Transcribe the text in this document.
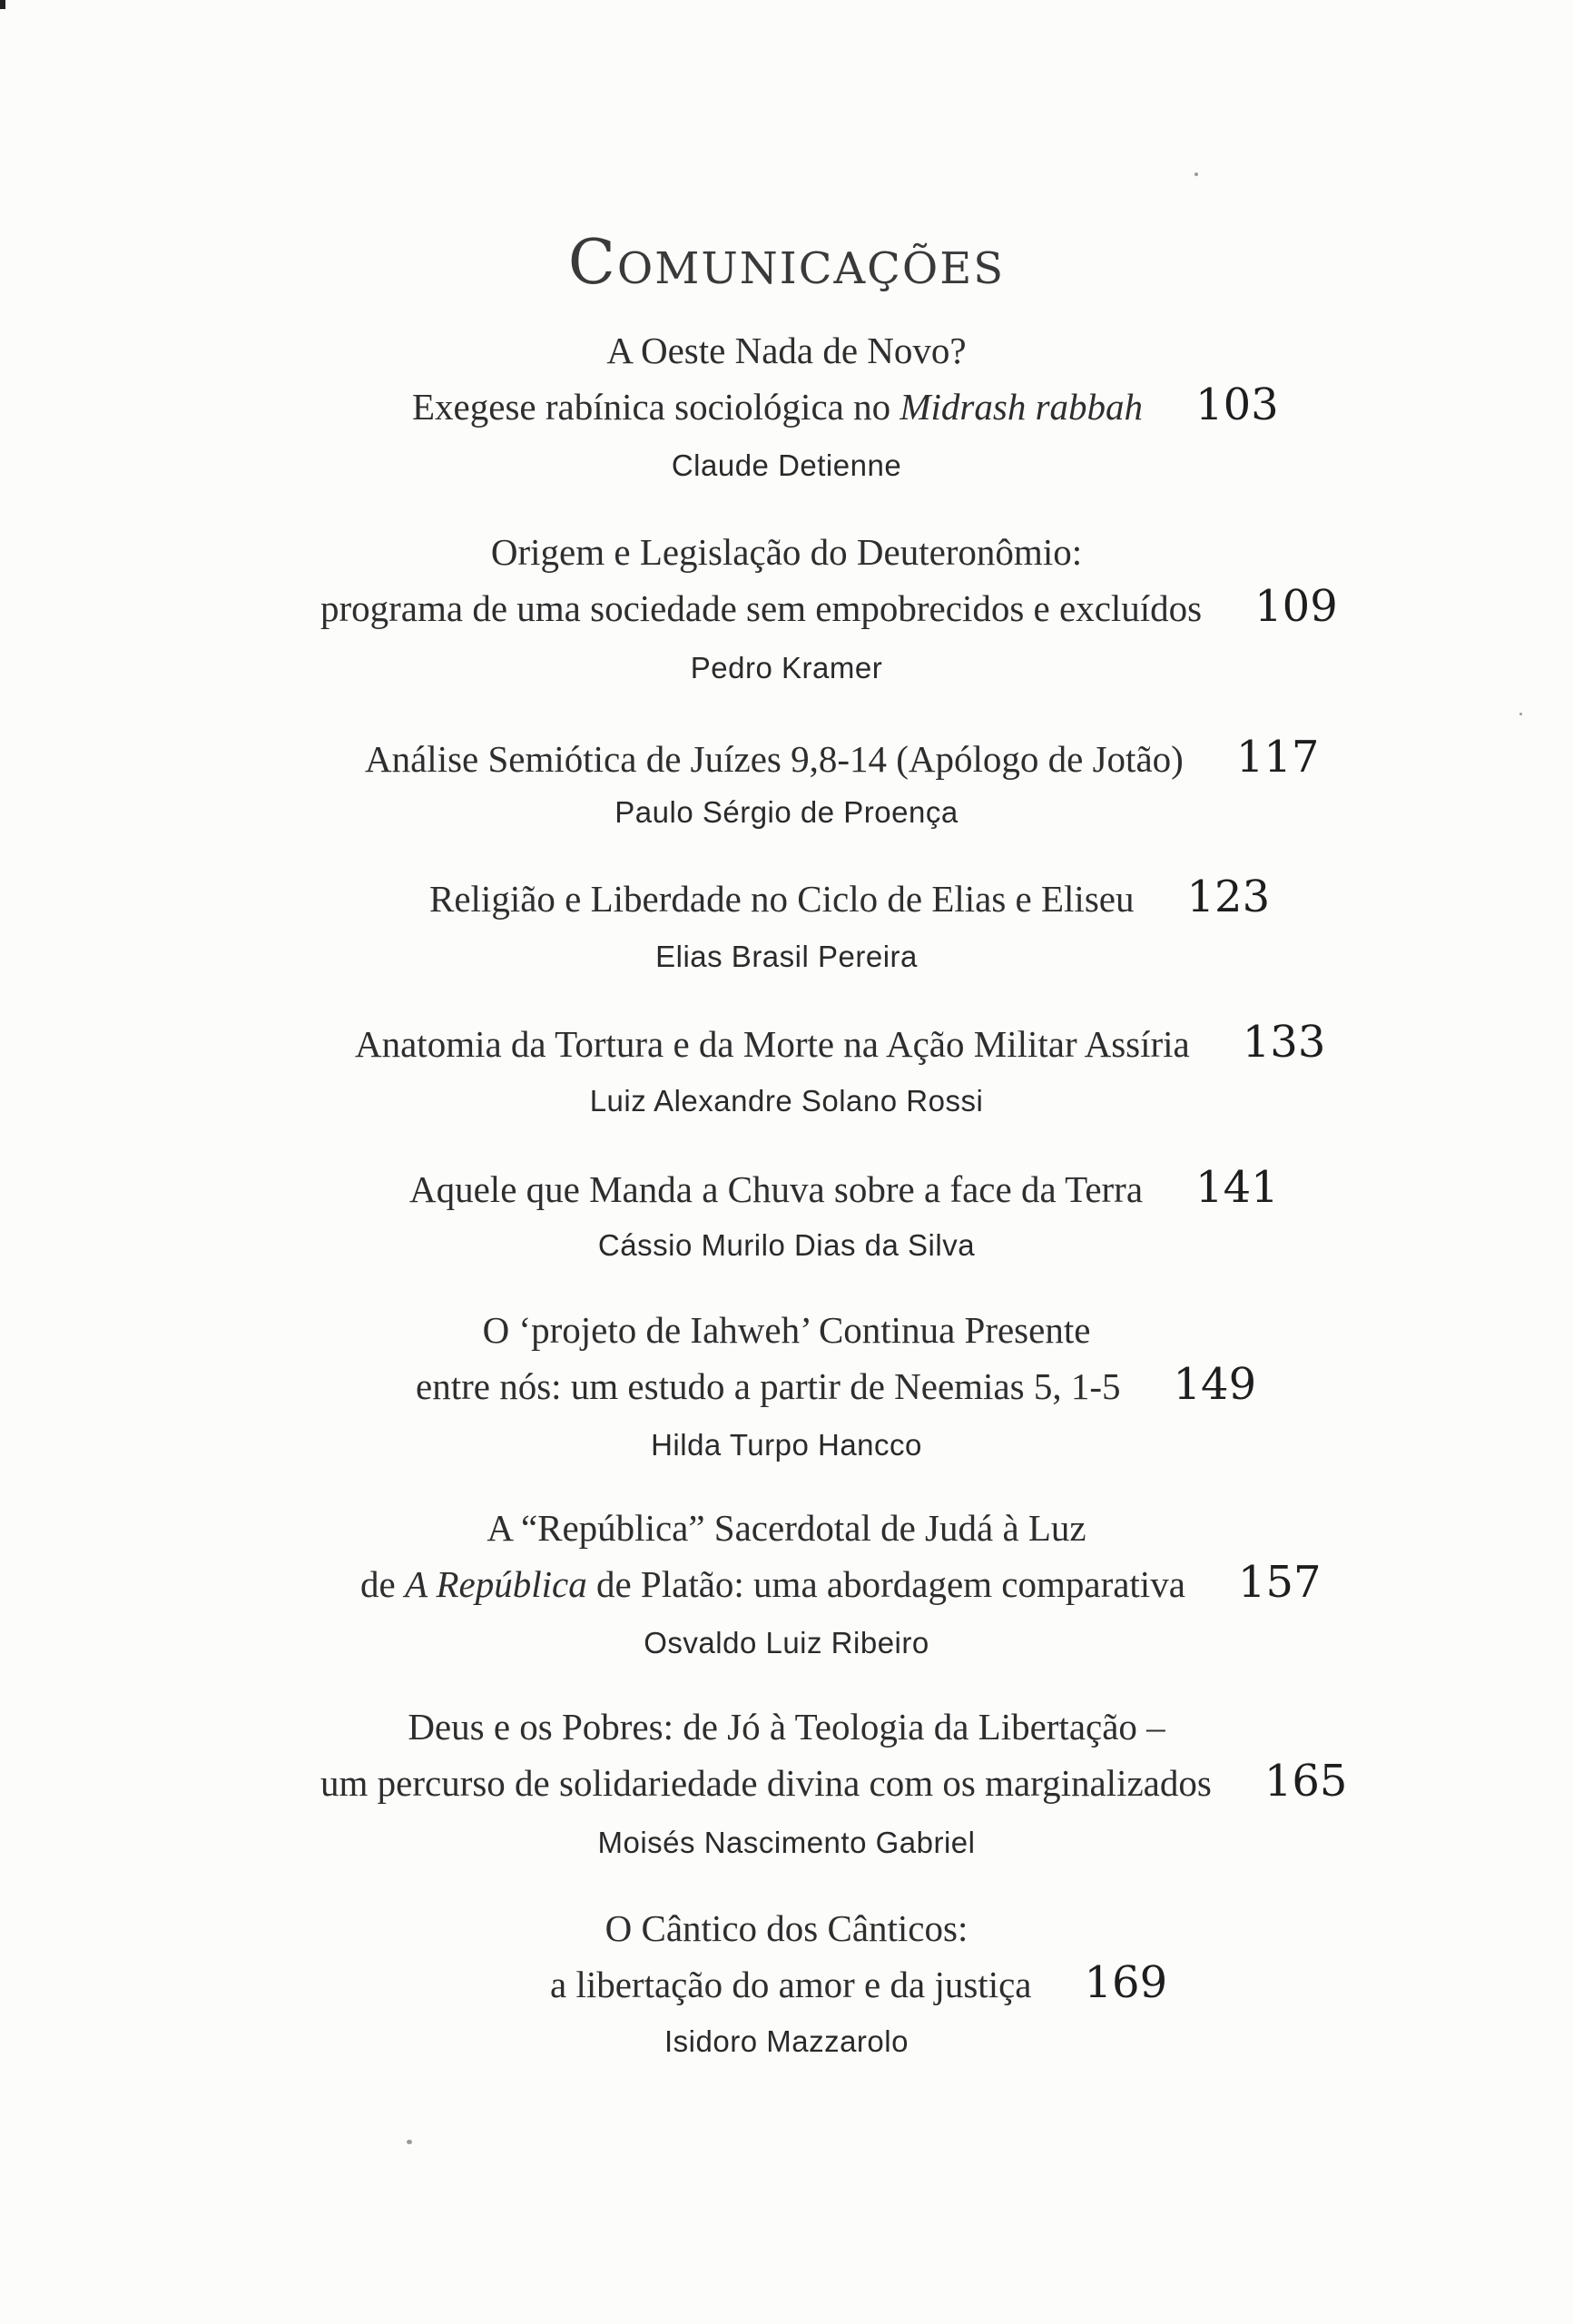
Comunicações
A Oeste Nada de Novo?
Exegese rabínica sociológica no Midrash rabbah 103
Claude Detienne
Origem e Legislação do Deuteronômio:
programa de uma sociedade sem empobrecidos e excluídos 109
Pedro Kramer
Análise Semiótica de Juízes 9,8-14 (Apólogo de Jotão) 117
Paulo Sérgio de Proença
Religião e Liberdade no Ciclo de Elias e Eliseu 123
Elias Brasil Pereira
Anatomia da Tortura e da Morte na Ação Militar Assíria 133
Luiz Alexandre Solano Rossi
Aquele que Manda a Chuva sobre a face da Terra 141
Cássio Murilo Dias da Silva
O ‘projeto de Iahweh’ Continua Presente
entre nós: um estudo a partir de Neemias 5, 1-5 149
Hilda Turpo Hancco
A “República” Sacerdotal de Judá à Luz
de A República de Platão: uma abordagem comparativa 157
Osvaldo Luiz Ribeiro
Deus e os Pobres: de Jó à Teologia da Libertação –
um percurso de solidariedade divina com os marginalizados 165
Moisés Nascimento Gabriel
O Cântico dos Cânticos:
a libertação do amor e da justiça 169
Isidoro Mazzarolo
